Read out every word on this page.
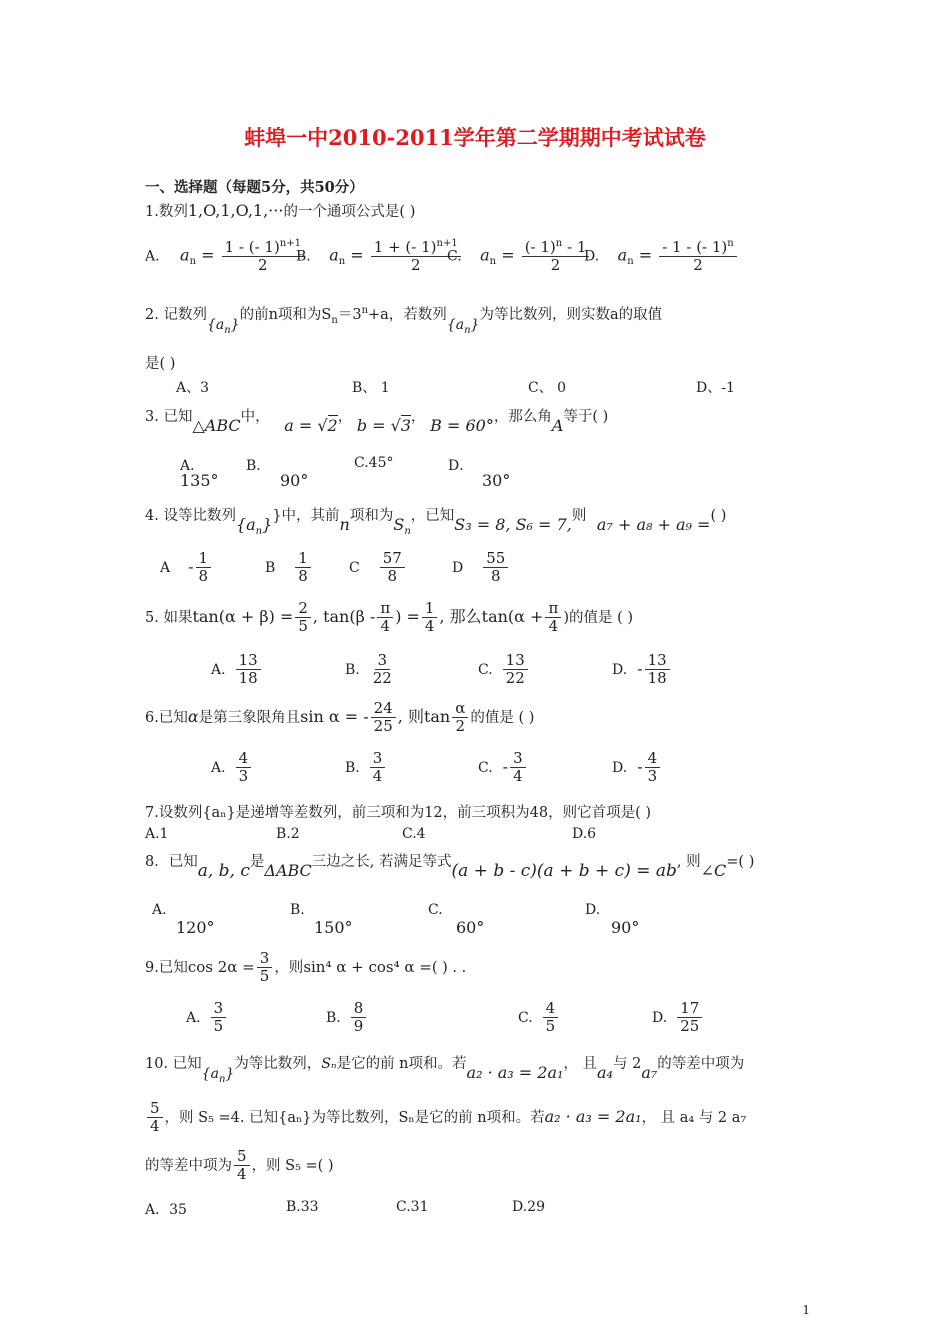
蚌埠一中2010-2011学年第二学期期中考试试卷
一、选择题（每题5分，共50分）
1.数列1,O,1,O,1,···的一个通项公式是( )
A. $a_n = \frac{1 - (- 1)^{n+1}}{2}$
B. $a_n = \frac{1 + (- 1)^{n+1}}{2}$
C. $a_n = \frac{(- 1)^n - 1}{2}$
D. $a_n = \frac{- 1 - (- 1)^n}{2}$
2. 记数列$\{a_n\}$的前n项和为$S_n=3^n+a$，若数列$\{a_n\}$为等比数列，则实数a的取值
是( )
A、3	B、 1	C、 0	D、-1
3. 已知△ABC中， a = √2， b = √3， B = 60°，那么角A等于( )
A．
135°
B．
90°
C.45°	D．
30°
4. 设等比数列$\{a_n\}$}中，其前n项和为$S_n$，已知S₃ = 8, S₆ = 7,则 a₇ + a₈ + a₉ =( )
A - $\frac{1}{8}$	B $\frac{1}{8}$	C $\frac{57}{8}$	D $\frac{55}{8}$
5. 如果$\tan(\alpha + \beta) = \frac{2}{5}$ , $\tan(\beta - \frac{\pi}{4}$ ) = $\frac{1}{4}$ , 那么$\tan(\alpha + \frac{\pi}{4}$ )的值是 ( )
A. $\frac{13}{18}$	B. $\frac{3}{22}$	C. $\frac{13}{22}$	D. - $\frac{13}{18}$
6.已知α是第三象限角且sin α = - $\frac{24}{25}$ , 则$\tan \frac{\alpha}{2}$ 的值是 ( )
A. $\frac{4}{3}$	B. $\frac{3}{4}$	C. - $\frac{3}{4}$	D. - $\frac{4}{3}$
7.设数列{aₙ}是递增等差数列，前三项和为12，前三项积为48，则它首项是( )
A.1	B.2	C.4	D.6
8．已知a, b, c是ΔABC三边之长, 若满足等式(a + b - c)(a + b + c) = ab, 则∠C=( )
A.
120°
B.
150°
C.
60°
D.
90°
9.已知$\cos 2\alpha = \frac{3}{5}$ ，则sin⁴ α + cos⁴ α =( ) . .
A. $\frac{3}{5}$	B. $\frac{8}{9}$	C. $\frac{4}{5}$	D. $\frac{17}{25}$
10. 已知$\{a_n\}$为等比数列，Sₙ是它的前 n项和。若a₂ · a₃ = 2a₁， 且a₄与 2a₇的等差中项为
$\frac{5}{4}$ ，则 S₅ =4. 已知{aₙ}为等比数列，Sₙ是它的前 n项和。若a₂ · a₃ = 2a₁， 且 a₄ 与 2 a₇
的等差中项为 $\frac{5}{4}$ ，则 S₅ =( )
A．35	B.33	C.31	D.29
1
